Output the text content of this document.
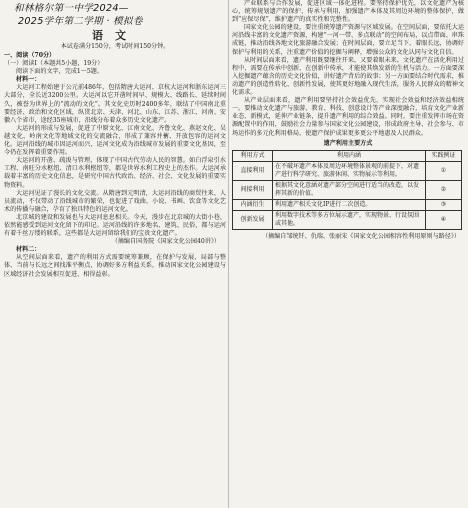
和林格尔第一中学2024—
2025学年第二学期 · 模拟卷
语文
本试卷满分150分，考试时间150分钟。

一、阅读（70分）

（一）阅读Ⅰ（本题共5小题，19分）

阅读下面的文字，完成1～5题。

材料一：

大运河工程始建于公元前486年，包括隋唐大运河、京杭大运河和浙东运河三大部分，全长近3200公里。大运河以它开凿时间早、规模大、线路长、延续时间久，被誉为世界上的“流动的文化”。其文化史历时2400多年，联结了中国南北重要经济、政治和文化区域，纵贯北京、天津、河北、山东、江苏、浙江、河南、安徽八个省市，途经35座城市，沿线分布着众多历史文化遗产。

大运河的形成与发展，促进了中原文化、江南文化、齐鲁文化、燕赵文化、吴越文化、岭南文化等地域文化的交流融合，形成了兼容并蓄、开放包容的运河文化。运河沿线的城市因运河而兴，运河文化成为沿线城市发展的重要文化基因，至今仍在发挥着重要作用。

大运河的开凿、疏浚与管理，体现了中国古代劳动人民的智慧。如白浮泉引水工程、南旺分水枢纽、清口水利枢纽等，都是世界水利工程史上的杰作。大运河承载着丰富的历史文化信息，是研究中国古代政治、经济、社会、文化发展的重要实物资料。

大运河见证了漫长的文化交流。从隋唐到元明清，大运河沿线的商贸往来、人员流动，不仅带动了沿线城市的繁荣，也促进了戏曲、小说、书画、饮食等文化艺术的传播与融合，孕育了独具特色的运河文化。

北京城的建设和发展也与大运河息息相关。今天，漫步在北京城的大街小巷，依然能感受到运河文化留下的印记。运河沿线的许多地名、建筑、民俗，都与运河有着千丝万缕的联系，这些都是大运河留给我们的宝贵文化遗产。

（摘编自国务院《国家文化公园40讲》）

材料二：

从空间层面来看，遗产的利用方式需要统筹兼顾，在保护与发展、局部与整体、当前与长远之间找准平衡点，协调好多方利益关系，推动国家文化公园建设与区域经济社会发展相互促进、相得益彰。

产业联系与合作发展，促进区域一体化进程。要坚持保护优先，以文化遗产为核心，统筹规划遗产的保护、传承与利用，加强遗产本体及其周边环境的整体保护，做到“应保尽保”，维护遗产的真实性和完整性。

国家文化公园的建设，要注重统筹遗产资源与区域发展。在空间层面，要依托大运河沿线丰富的文化遗产资源，构建“一河一带、多点联动”的空间布局，以点带面、串珠成链，推动沿线各地文化旅游融合发展；在时间层面，要立足当下、着眼长远，协调好保护与利用的关系，注重遗产价值的挖掘与阐释，增强公众的文化认同与文化自信。

从时间层面来看，遗产利用既要继往开来，又要着眼未来。文化遗产在活化利用过程中，需要在传承中创新、在创新中传承，才能使其焕发新的生机与活力。一方面要深入挖掘遗产蕴含的历史文化价值，讲好遗产背后的故事；另一方面要结合时代需求，推动遗产的创造性转化、创新性发展，使其更好地融入现代生活，服务人民群众的精神文化需求。

从产业层面来看，遗产利用要坚持社会效益优先，实现社会效益和经济效益相统一。要推动文化遗产与旅游、教育、科技、创意设计等产业深度融合，培育文化产业新业态、新模式，延伸产业链条，提升遗产利用的综合效益。同时，要注重发挥市场在资源配置中的作用，鼓励社会力量参与国家文化公园建设，形成政府主导、社会参与、市场运作的多元化利用格局，使遗产保护成果更多更公平地惠及人民群众。

遗产利用主要方式

利用方式	利用内涵	实践例证
直接利用	在不破坏遗产本体及周边环境整体景观的前提下，对遗产进行科学研究、旅游休闲、实物展示等利用。	①
间接利用	根据其文化意涵对遗产部分空间进行适当的改造，以发挥其新的价值。	②
内涵衍生	利用遗产相关文化IP进行二次创造。	③
创新发展	利用数字技术等多方位展示遗产，实现物景、行设氛围或其他。	④

（摘编自邹统钎、仇瑞、张丽宋《国家文化公园相容性利用原则与路径》）
